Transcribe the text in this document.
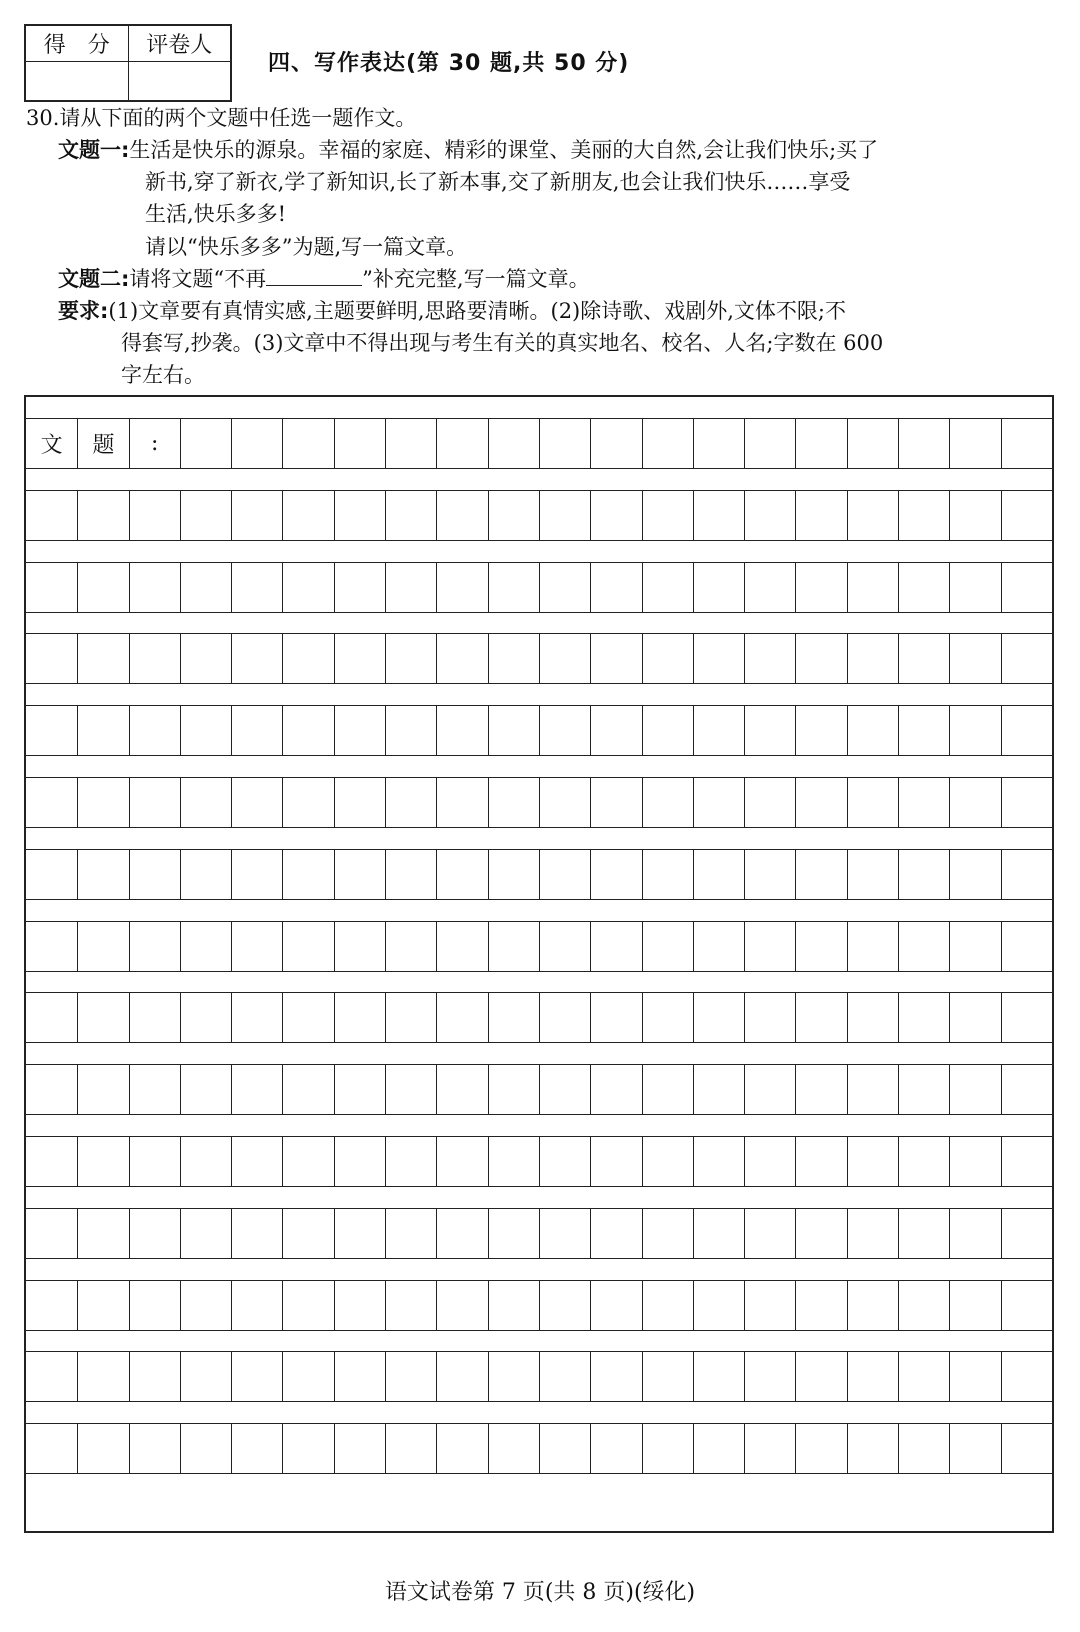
得　分	评卷人

四、写作表达(第 30 题,共 50 分)
30.请从下面的两个文题中任选一题作文。
文题一:生活是快乐的源泉。幸福的家庭、精彩的课堂、美丽的大自然,会让我们快乐;买了
新书,穿了新衣,学了新知识,长了新本事,交了新朋友,也会让我们快乐……享受
生活,快乐多多!
请以“快乐多多”为题,写一篇文章。
文题二:请将文题“不再	”补充完整,写一篇文章。
要求:(1)文章要有真情实感,主题要鲜明,思路要清晰。(2)除诗歌、戏剧外,文体不限;不
得套写,抄袭。(3)文章中不得出现与考生有关的真实地名、校名、人名;字数在 600
字左右。
文	题	:
语文试卷第 7 页(共 8 页)(绥化)
